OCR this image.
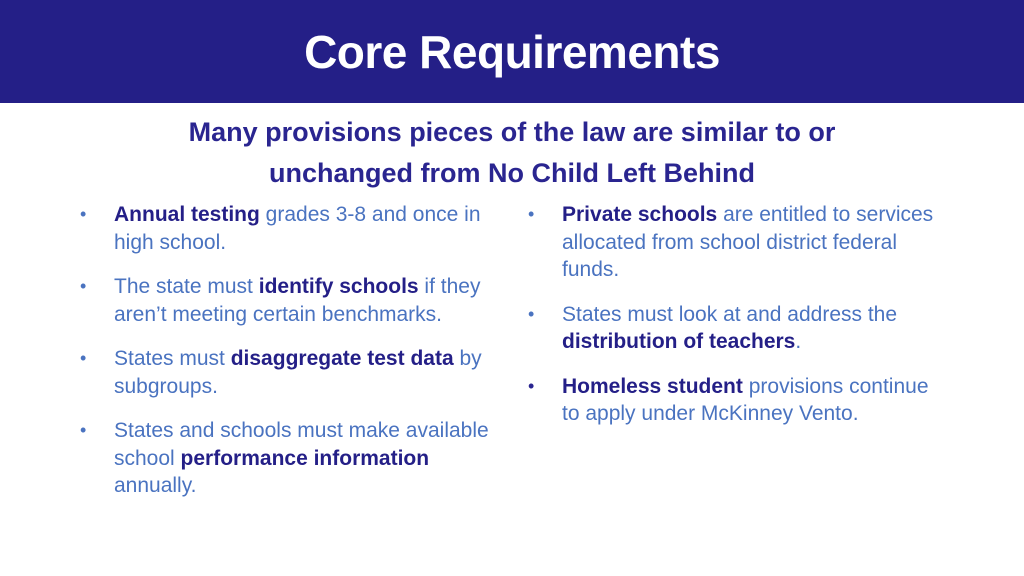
Core Requirements

Many provisions pieces of the law are similar to or
unchanged from No Child Left Behind

• Annual testing grades 3-8 and once in high school.
• The state must identify schools if they aren’t meeting certain benchmarks.
• States must disaggregate test data by subgroups.
• States and schools must make available school performance information annually.
• Private schools are entitled to services allocated from school district federal funds.
• States must look at and address the distribution of teachers.
• Homeless student provisions continue to apply under McKinney Vento.
